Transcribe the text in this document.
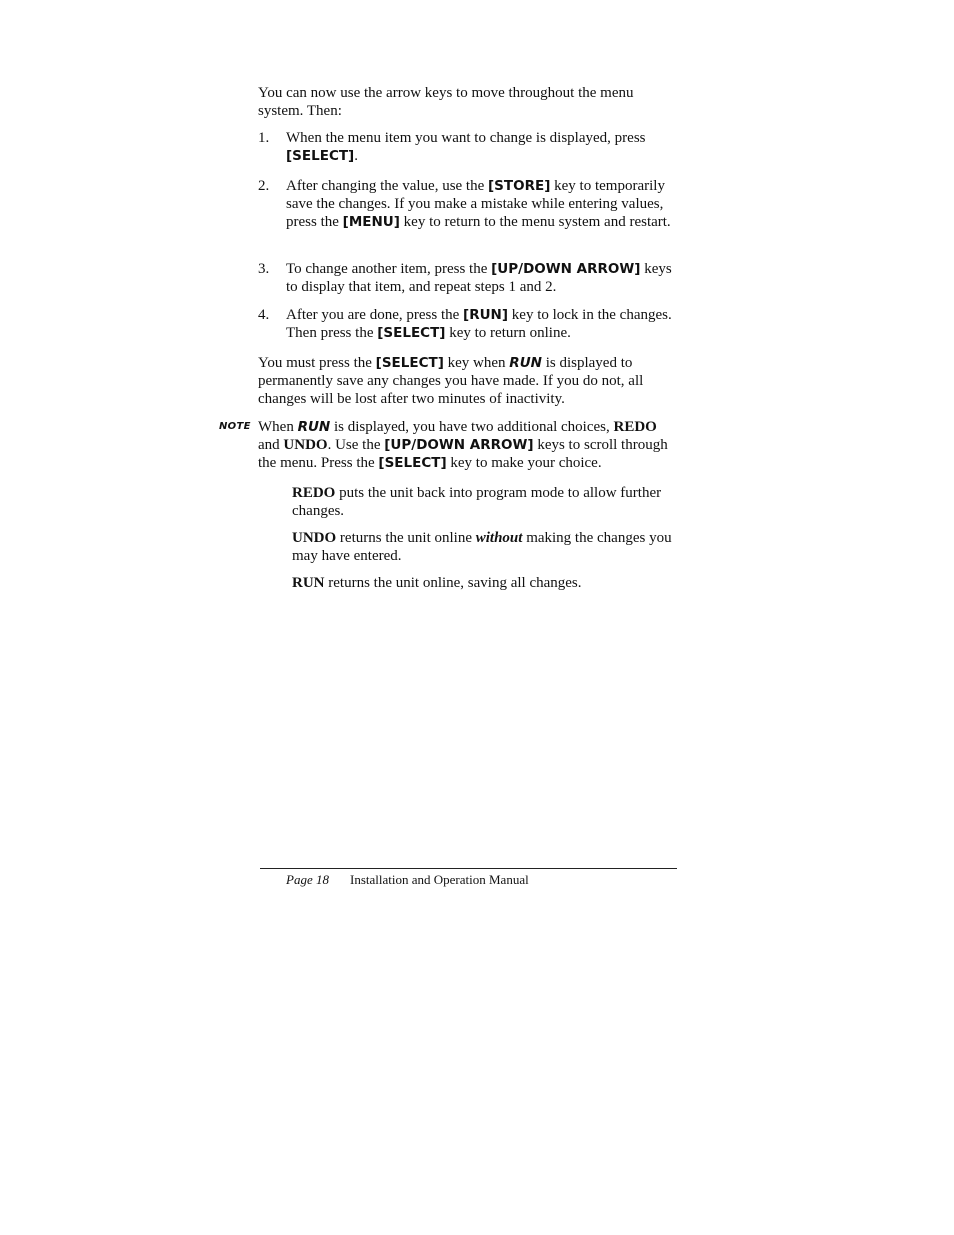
You can now use the arrow keys to move throughout the menu system. Then:

1.	When the menu item you want to change is displayed, press [SELECT].
2.	After changing the value, use the [STORE] key to temporarily save the changes. If you make a mistake while entering values, press the [MENU] key to return to the menu system and restart.
3.	To change another item, press the [UP/DOWN ARROW] keys to display that item, and repeat steps 1 and 2.
4.	After you are done, press the [RUN] key to lock in the changes. Then press the [SELECT] key to return online.

You must press the [SELECT] key when RUN is displayed to permanently save any changes you have made. If you do not, all changes will be lost after two minutes of inactivity.

NOTE When RUN is displayed, you have two additional choices, REDO and UNDO. Use the [UP/DOWN ARROW] keys to scroll through the menu. Press the [SELECT] key to make your choice.

REDO puts the unit back into program mode to allow further changes.

UNDO returns the unit online without making the changes you may have entered.

RUN returns the unit online, saving all changes.

Page 18 Installation and Operation Manual
